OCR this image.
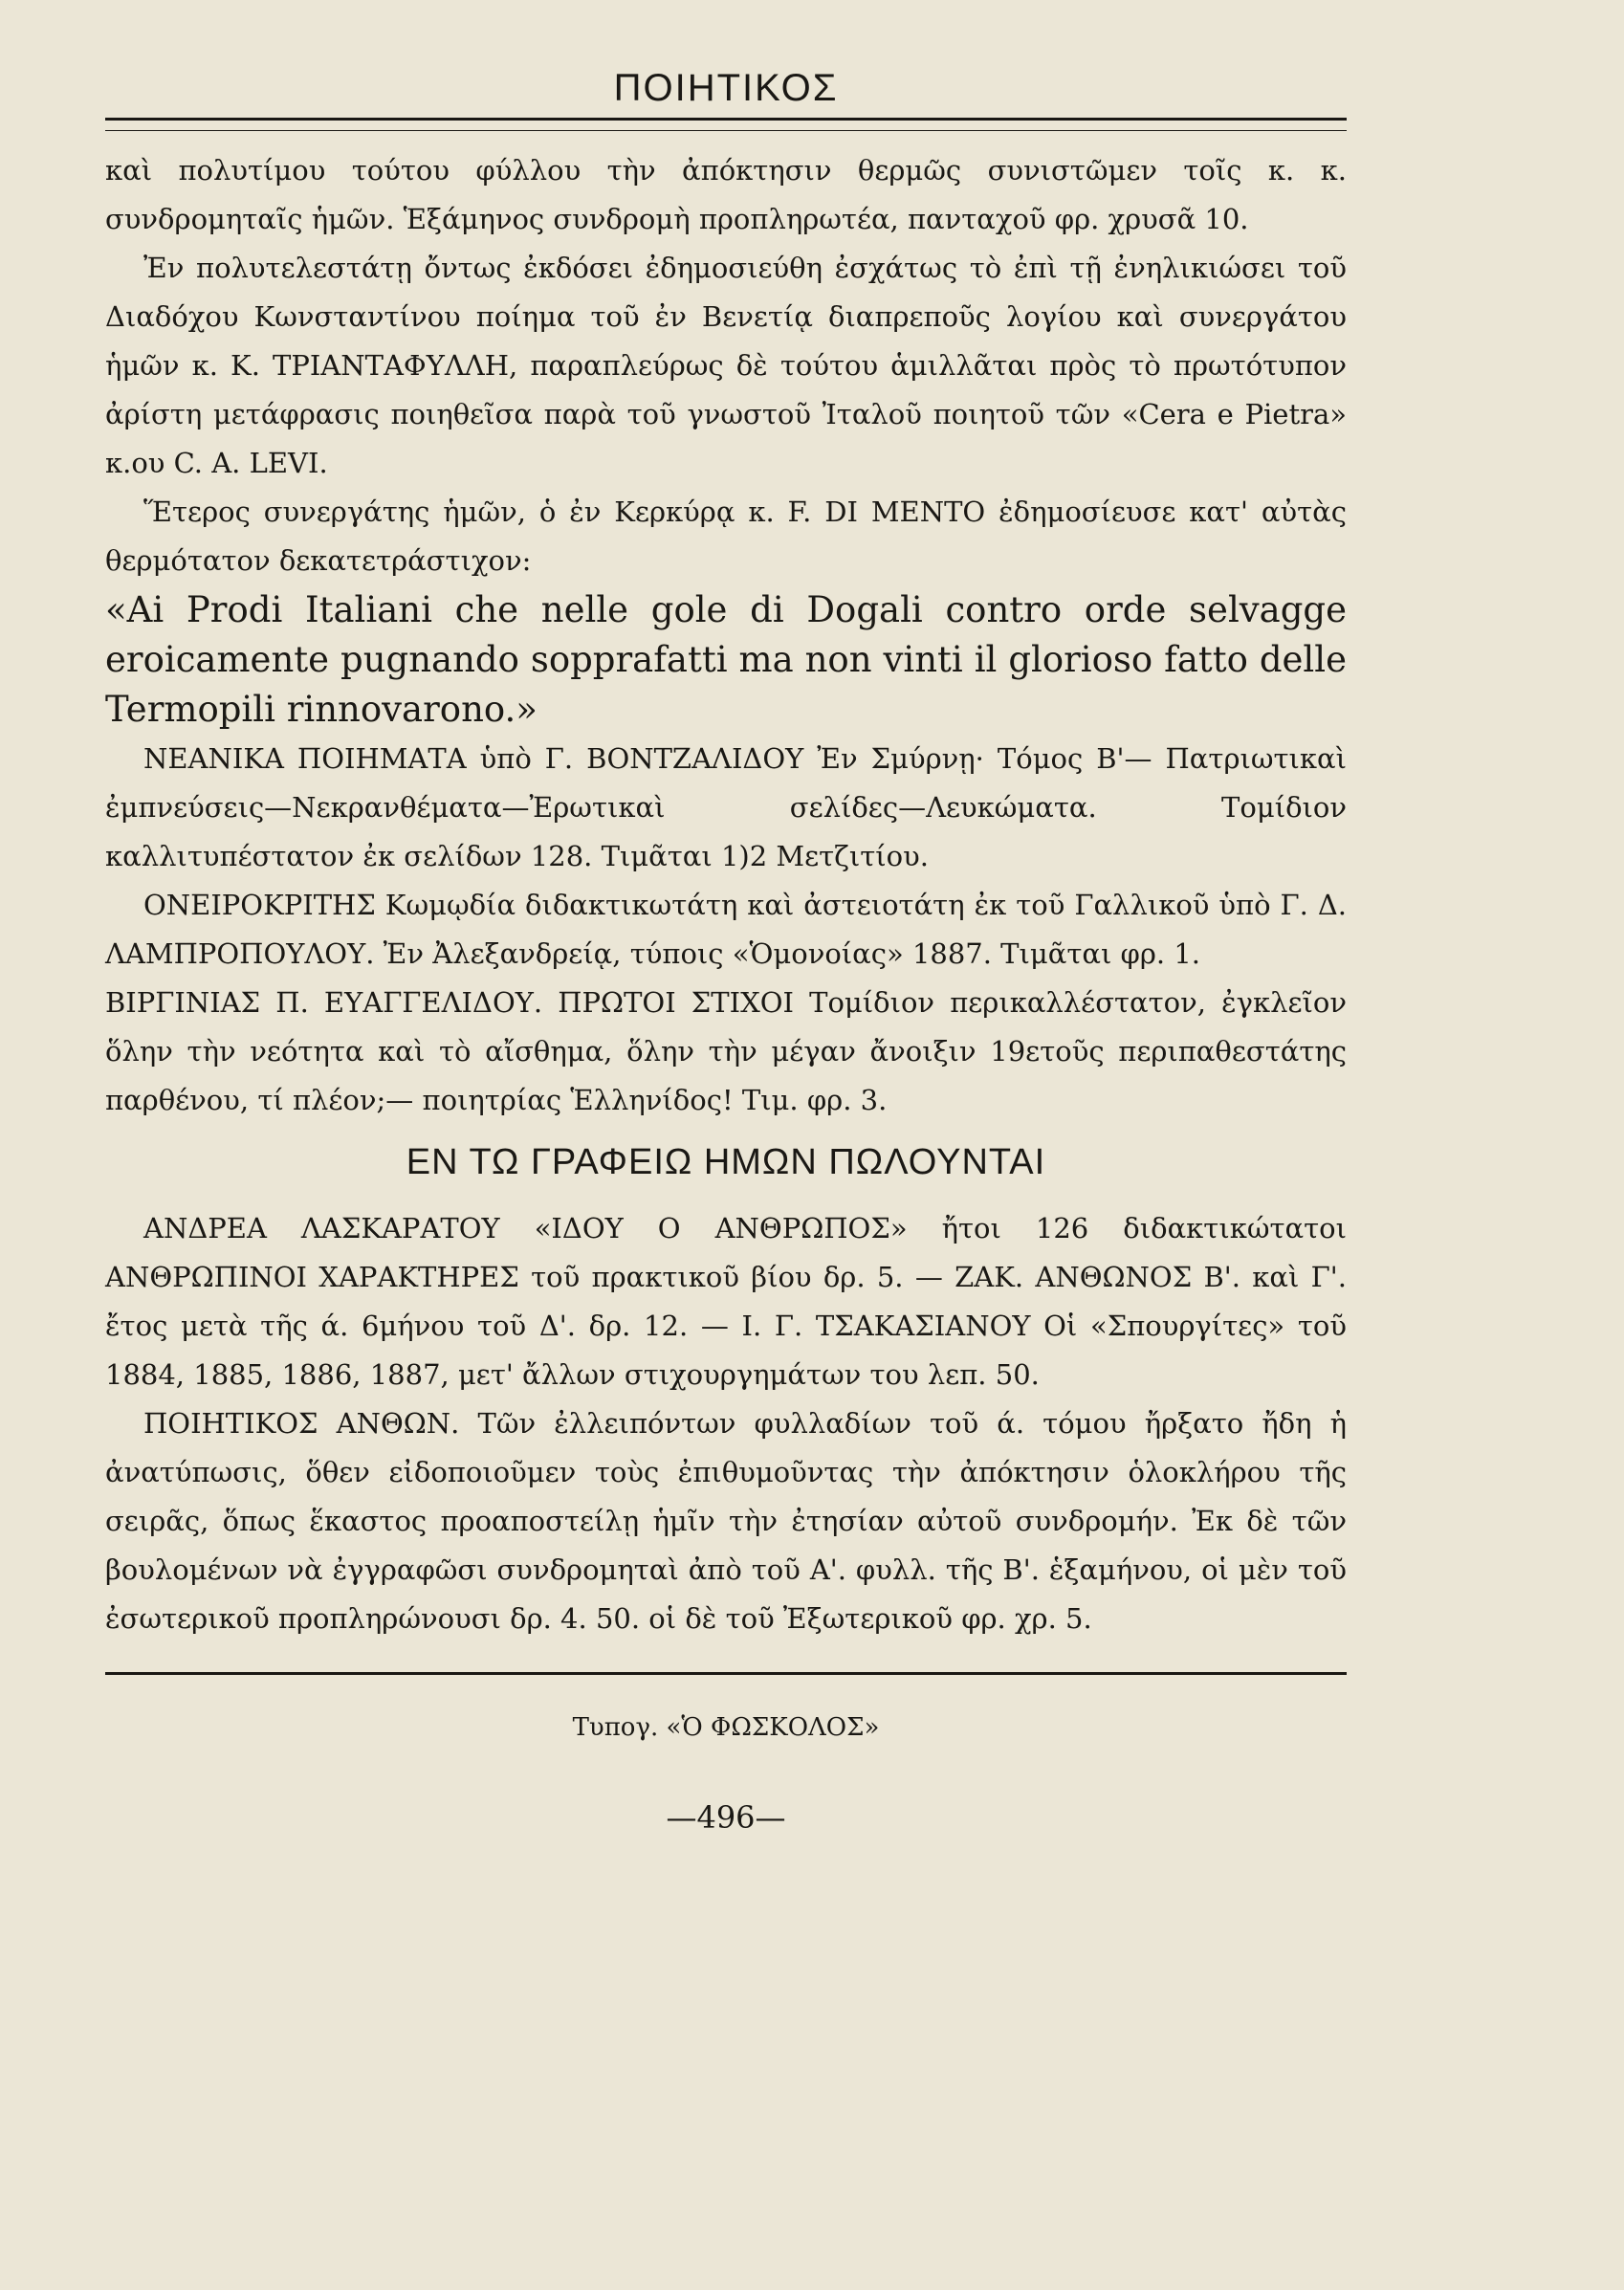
ΠΟΙΗΤΙΚΟΣ

καὶ πολυτίμου τούτου φύλλου τὴν ἀπόκτησιν θερμῶς συνιστῶμεν τοῖς κ. κ. συνδρομηταῖς ἡμῶν. Ἑξάμηνος συνδρομὴ προπληρωτέα, πανταχοῦ φρ. χρυσᾶ 10.

Ἐν πολυτελεστάτῃ ὄντως ἐκδόσει ἐδημοσιεύθη ἐσχάτως τὸ ἐπὶ τῇ ἐνηλικιώσει τοῦ Διαδόχου Κωνσταντίνου ποίημα τοῦ ἐν Βενετίᾳ διαπρεποῦς λογίου καὶ συνεργάτου ἡμῶν κ. Κ. ΤΡΙΑΝΤΑΦΥΛΛΗ, παραπλεύρως δὲ τούτου ἁμιλλᾶται πρὸς τὸ πρωτότυπον ἀρίστη μετάφρασις ποιηθεῖσα παρὰ τοῦ γνωστοῦ Ἰταλοῦ ποιητοῦ τῶν «Cera e Pietra» κ.ου C. A. LEVI.

Ἕτερος συνεργάτης ἡμῶν, ὁ ἐν Κερκύρᾳ κ. F. DI MENTO ἐδημοσίευσε κατ' αὐτὰς θερμότατον δεκατετράστιχον:

«Ai Prodi Italiani che nelle gole di Dogali contro orde selvagge eroicamente pugnando sopprafatti ma non vinti il glorioso fatto delle Termopili rinnovarono.»

ΝΕΑΝΙΚΑ ΠΟΙΗΜΑΤΑ ὑπὸ Γ. ΒΟΝΤΖΑΛΙΔΟΥ Ἐν Σμύρνῃ· Τόμος Β'— Πατριωτικαὶ ἐμπνεύσεις—Νεκρανθέματα—Ἐρωτικαὶ σελίδες—Λευκώματα. Τομίδιον καλλιτυπέστατον ἐκ σελίδων 128. Τιμᾶται 1)2 Μετζιτίου.

ΟΝΕΙΡΟΚΡΙΤΗΣ Κωμῳδία διδακτικωτάτη καὶ ἀστειοτάτη ἐκ τοῦ Γαλλικοῦ ὑπὸ Γ. Δ. ΛΑΜΠΡΟΠΟΥΛΟΥ. Ἐν Ἀλεξανδρείᾳ, τύποις «Ὁμονοίας» 1887. Τιμᾶται φρ. 1.

ΒΙΡΓΙΝΙΑΣ Π. ΕΥΑΓΓΕΛΙΔΟΥ. ΠΡΩΤΟΙ ΣΤΙΧΟΙ Τομίδιον περικαλλέστατον, ἐγκλεῖον ὅλην τὴν νεότητα καὶ τὸ αἴσθημα, ὅλην τὴν μέγαν ἄνοιξιν 19ετοῦς περιπαθεστάτης παρθένου, τί πλέον;— ποιητρίας Ἑλληνίδος! Τιμ. φρ. 3.

ΕΝ ΤΩ ΓΡΑΦΕΙΩ ΗΜΩΝ ΠΩΛΟΥΝΤΑΙ

ΑΝΔΡΕΑ ΛΑΣΚΑΡΑΤΟΥ «ΙΔΟΥ Ο ΑΝΘΡΩΠΟΣ» ἤτοι 126 διδακτικώτατοι ΑΝΘΡΩΠΙΝΟΙ ΧΑΡΑΚΤΗΡΕΣ τοῦ πρακτικοῦ βίου δρ. 5. — ΖΑΚ. ΑΝΘΩΝΟΣ Β'. καὶ Γ'. ἔτος μετὰ τῆς ά. 6μήνου τοῦ Δ'. δρ. 12. — Ι. Γ. ΤΣΑΚΑΣΙΑΝΟΥ Οἱ «Σπουργίτες» τοῦ 1884, 1885, 1886, 1887, μετ' ἄλλων στιχουργημάτων του λεπ. 50.

ΠΟΙΗΤΙΚΟΣ ΑΝΘΩΝ. Τῶν ἐλλειπόντων φυλλαδίων τοῦ ά. τόμου ἤρξατο ἤδη ἡ ἀνατύπωσις, ὅθεν εἰδοποιοῦμεν τοὺς ἐπιθυμοῦντας τὴν ἀπόκτησιν ὁλοκλήρου τῆς σειρᾶς, ὅπως ἕκαστος προαποστείλῃ ἡμῖν τὴν ἐτησίαν αὐτοῦ συνδρομήν. Ἐκ δὲ τῶν βουλομένων νὰ ἐγγραφῶσι συνδρομηταὶ ἀπὸ τοῦ Α'. φυλλ. τῆς Β'. ἑξαμήνου, οἱ μὲν τοῦ ἐσωτερικοῦ προπληρώνουσι δρ. 4. 50. οἱ δὲ τοῦ Ἐξωτερικοῦ φρ. χρ. 5.

Τυπογ. «Ὁ ΦΩΣΚΟΛΟΣ»
—496—
